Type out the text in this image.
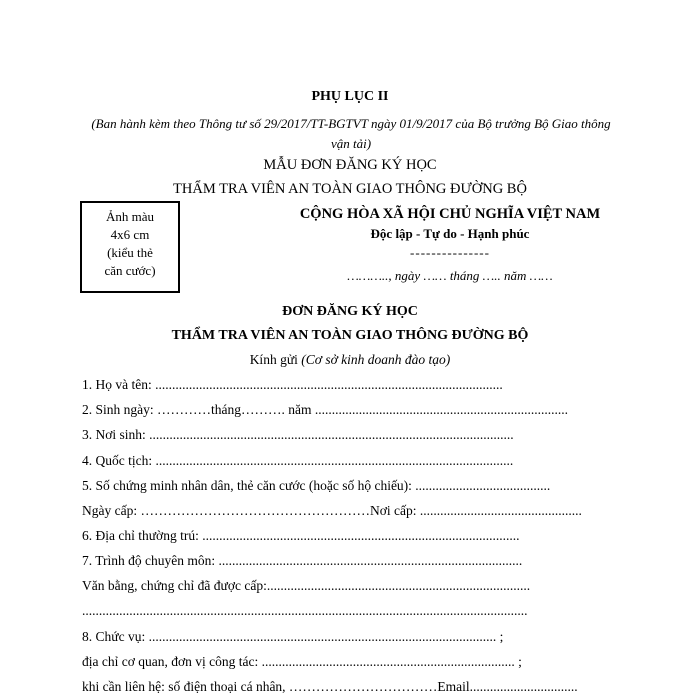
PHỤ LỤC II
(Ban hành kèm theo Thông tư số 29/2017/TT-BGTVT ngày 01/9/2017 của Bộ trưởng Bộ Giao thông vận tải)
MẪU ĐƠN ĐĂNG KÝ HỌC
THẨM TRA VIÊN AN TOÀN GIAO THÔNG ĐƯỜNG BỘ
Ảnh màu
4x6 cm
(kiểu thẻ
căn cước)
CỘNG HÒA XÃ HỘI CHỦ NGHĨA VIỆT NAM
Độc lập - Tự do - Hạnh phúc
---------------
……….., ngày …… tháng ….. năm ……
ĐƠN ĐĂNG KÝ HỌC
THẨM TRA VIÊN AN TOÀN GIAO THÔNG ĐƯỜNG BỘ
Kính gửi (Cơ sở kinh doanh đào tạo)
1. Họ và tên: .......................................................................................................
2. Sinh ngày: …………tháng………. năm ...........................................................................
3. Nơi sinh: ............................................................................................................
4. Quốc tịch: ..........................................................................................................
5. Số chứng minh nhân dân, thẻ căn cước (hoặc số hộ chiếu): ........................................
Ngày cấp: ……………………………………………Nơi cấp: ................................................
6. Địa chỉ thường trú: ..............................................................................................
7. Trình độ chuyên môn: ..........................................................................................
Văn bằng, chứng chỉ đã được cấp:..............................................................................
....................................................................................................................................
8. Chức vụ: ....................................................................................................... ;
địa chỉ cơ quan, đơn vị công tác: ........................................................................... ;
khi cần liên hệ: số điện thoại cá nhân, ……………………………Email................................
